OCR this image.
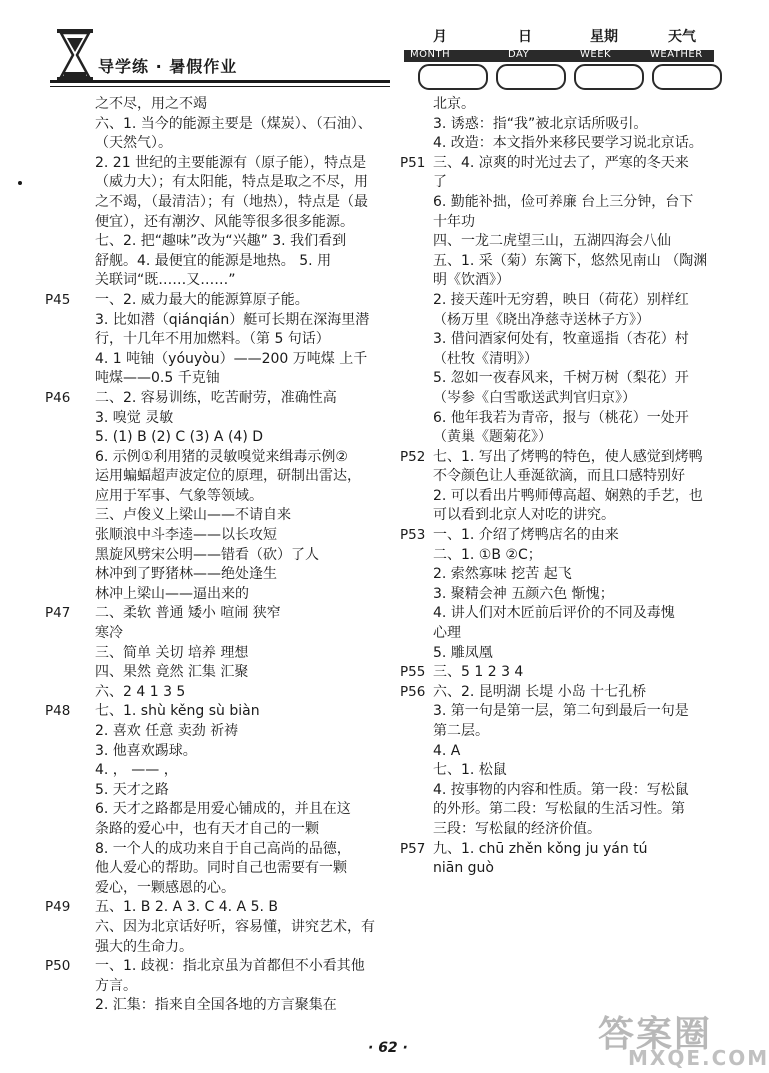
导学练 · 暑假作业
月	日	星期	天气
MONTH	DAY	WEEK	WEATHER
之不尽，用之不竭
六、1. 当今的能源主要是（煤炭）、（石油）、
（天然气）。
2. 21 世纪的主要能源有（原子能），特点是
（威力大）；有太阳能，特点是取之不尽，用
之不竭，（最清洁）；有（地热），特点是（最
便宜），还有潮汐、风能等很多很多能源。
七、2. 把“趣味”改为“兴趣” 3. 我们看到
舒舰。4. 最便宜的能源是地热。 5. 用
关联词“既……又……”
P45 一、2. 威力最大的能源算原子能。
3. 比如潜（qiánqián）艇可长期在深海里潜
行，十几年不用加燃料。（第 5 句话）
4. 1 吨铀（yóuyòu）——200 万吨煤 上千
吨煤——0.5 千克铀
P46 二、2. 容易训练，吃苦耐劳，准确性高
3. 嗅觉 灵敏
5. (1) B (2) C (3) A (4) D
6. 示例①利用猪的灵敏嗅觉来缉毒示例②
运用蝙蝠超声波定位的原理，研制出雷达，
应用于军事、气象等领域。
三、卢俊义上梁山——不请自来
张顺浪中斗李逵——以长攻短
黑旋风劈宋公明——错看（砍）了人
林冲到了野猪林——绝处逢生
林冲上梁山——逼出来的
P47 二、柔软 普通 矮小 喧闹 狭窄
寒冷
三、简单 关切 培养 理想
四、果然 竟然 汇集 汇聚
六、2 4 1 3 5
P48 七、1. shù kěng sù biàn
2. 喜欢 任意 卖劲 祈祷
3. 他喜欢踢球。
4. ， —— ，
5. 天才之路
6. 天才之路都是用爱心铺成的，并且在这
条路的爱心中，也有天才自己的一颗
8. 一个人的成功来自于自己高尚的品德，
他人爱心的帮助。同时自己也需要有一颗
爱心，一颗感恩的心。
P49 五、1. B 2. A 3. C 4. A 5. B
六、因为北京话好听，容易懂，讲究艺术，有
强大的生命力。
P50 一、1. 歧视：指北京虽为首都但不小看其他
方言。
2. 汇集：指来自全国各地的方言聚集在
北京。
3. 诱惑：指“我”被北京话所吸引。
4. 改造：本文指外来移民要学习说北京话。
P51 三、4. 凉爽的时光过去了，严寒的冬天来
了
6. 勤能补拙，俭可养廉 台上三分钟，台下
十年功
四、一龙二虎望三山，五湖四海会八仙
五、1. 采（菊）东篱下，悠然见南山 （陶渊
明《饮酒》）
2. 接天莲叶无穷碧，映日（荷花）别样红
（杨万里《晓出净慈寺送林子方》）
3. 借问酒家何处有，牧童遥指（杏花）村
（杜牧《清明》）
5. 忽如一夜春风来，千树万树（梨花）开
（岑参《白雪歌送武判官归京》）
6. 他年我若为青帝，报与（桃花）一处开
（黄巢《题菊花》）
P52 七、1. 写出了烤鸭的特色，使人感觉到烤鸭
不令颜色让人垂涎欲滴，而且口感特别好
2. 可以看出片鸭师傅高超、娴熟的手艺，也
可以看到北京人对吃的讲究。
P53 一、1. 介绍了烤鸭店名的由来
二、1. ①B ②C；
2. 索然寡味 挖苦 起飞
3. 聚精会神 五颜六色 惭愧；
4. 讲人们对木匠前后评价的不同及毒愧
心理
5. 雕凤凰
P55 三、5 1 2 3 4
P56 六、2. 昆明湖 长堤 小岛 十七孔桥
3. 第一句是第一层，第二句到最后一句是
第二层。
4. A
七、1. 松鼠
4. 按事物的内容和性质。第一段：写松鼠
的外形。第二段：写松鼠的生活习性。第
三段：写松鼠的经济价值。
P57 九、1. chū zhěn kǒng ju yán tú
niān guò
· 62 ·	答案圈
MXQE.COM
